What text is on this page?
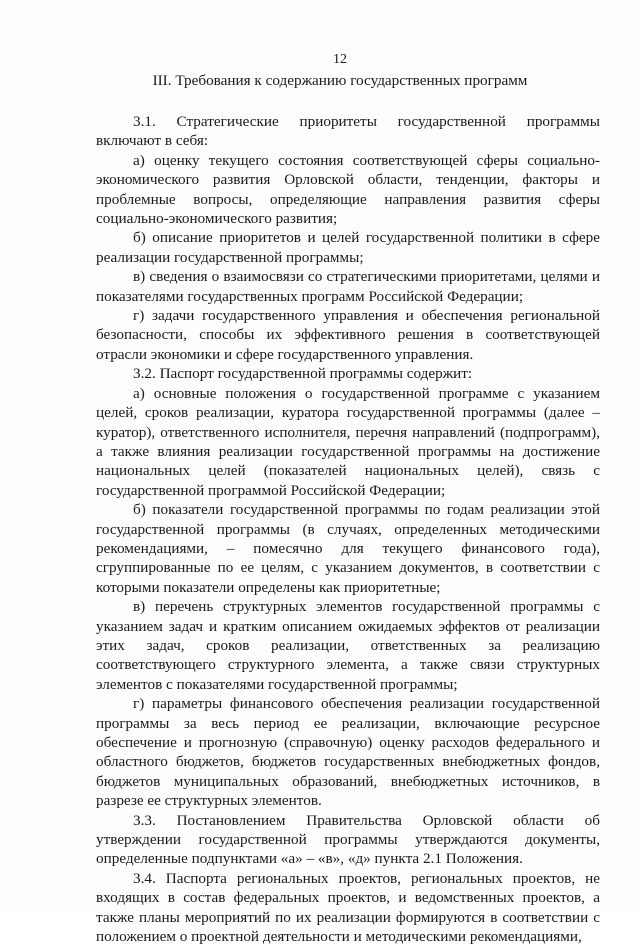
12
III. Требования к содержанию государственных программ

3.1. Стратегические приоритеты государственной программы включают в себя:

а) оценку текущего состояния соответствующей сферы социально-экономического развития Орловской области, тенденции, факторы и проблемные вопросы, определяющие направления развития сферы социально-экономического развития;

б) описание приоритетов и целей государственной политики в сфере реализации государственной программы;

в) сведения о взаимосвязи со стратегическими приоритетами, целями и показателями государственных программ Российской Федерации;

г) задачи государственного управления и обеспечения региональной безопасности, способы их эффективного решения в соответствующей отрасли экономики и сфере государственного управления.

3.2. Паспорт государственной программы содержит:

а) основные положения о государственной программе с указанием целей, сроков реализации, куратора государственной программы (далее – куратор), ответственного исполнителя, перечня направлений (подпрограмм), а также влияния реализации государственной программы на достижение национальных целей (показателей национальных целей), связь с государственной программой Российской Федерации;

б) показатели государственной программы по годам реализации этой государственной программы (в случаях, определенных методическими рекомендациями, – помесячно для текущего финансового года), сгруппированные по ее целям, с указанием документов, в соответствии с которыми показатели определены как приоритетные;

в) перечень структурных элементов государственной программы с указанием задач и кратким описанием ожидаемых эффектов от реализации этих задач, сроков реализации, ответственных за реализацию соответствующего структурного элемента, а также связи структурных элементов с показателями государственной программы;

г) параметры финансового обеспечения реализации государственной программы за весь период ее реализации, включающие ресурсное обеспечение и прогнозную (справочную) оценку расходов федерального и областного бюджетов, бюджетов государственных внебюджетных фондов, бюджетов муниципальных образований, внебюджетных источников, в разрезе ее структурных элементов.

3.3. Постановлением Правительства Орловской области об утверждении государственной программы утверждаются документы, определенные подпунктами «а» – «в», «д» пункта 2.1 Положения.

3.4. Паспорта региональных проектов, региональных проектов, не входящих в состав федеральных проектов, и ведомственных проектов, а также планы мероприятий по их реализации формируются в соответствии с положением о проектной деятельности и методическими рекомендациями,
